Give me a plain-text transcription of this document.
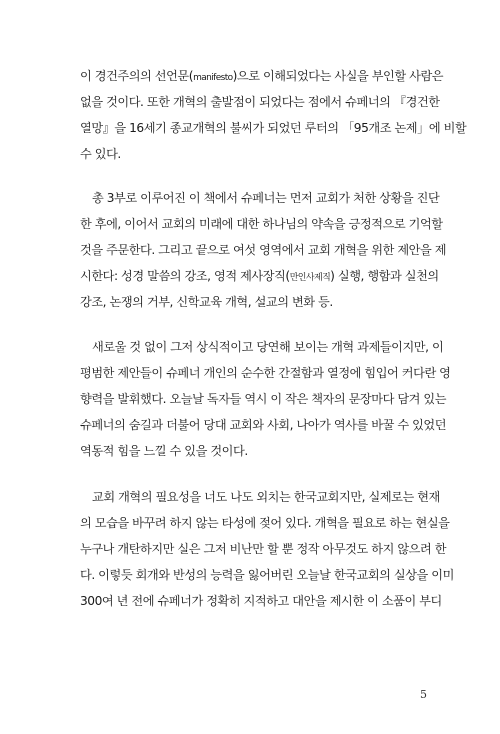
이 경건주의의 선언문(manifesto)으로 이해되었다는 사실을 부인할 사람은
없을 것이다. 또한 개혁의 출발점이 되었다는 점에서 슈페너의 『경건한
열망』을 16세기 종교개혁의 불씨가 되었던 루터의 「95개조 논제」에 비할
수 있다.
총 3부로 이루어진 이 책에서 슈페너는 먼저 교회가 처한 상황을 진단
한 후에, 이어서 교회의 미래에 대한 하나님의 약속을 긍정적으로 기억할
것을 주문한다. 그리고 끝으로 여섯 영역에서 교회 개혁을 위한 제안을 제
시한다: 성경 말씀의 강조, 영적 제사장직(만인사제직) 실행, 행함과 실천의
강조, 논쟁의 거부, 신학교육 개혁, 설교의 변화 등.
새로울 것 없이 그저 상식적이고 당연해 보이는 개혁 과제들이지만, 이
평범한 제안들이 슈페너 개인의 순수한 간절함과 열정에 힘입어 커다란 영
향력을 발휘했다. 오늘날 독자들 역시 이 작은 책자의 문장마다 담겨 있는
슈페너의 숨길과 더불어 당대 교회와 사회, 나아가 역사를 바꿀 수 있었던
역동적 힘을 느낄 수 있을 것이다.
교회 개혁의 필요성을 너도 나도 외치는 한국교회지만, 실제로는 현재
의 모습을 바꾸려 하지 않는 타성에 젖어 있다. 개혁을 필요로 하는 현실을
누구나 개탄하지만 실은 그저 비난만 할 뿐 정작 아무것도 하지 않으려 한
다. 이렇듯 회개와 반성의 능력을 잃어버린 오늘날 한국교회의 실상을 이미
300여 년 전에 슈페너가 정확히 지적하고 대안을 제시한 이 소품이 부디
5
